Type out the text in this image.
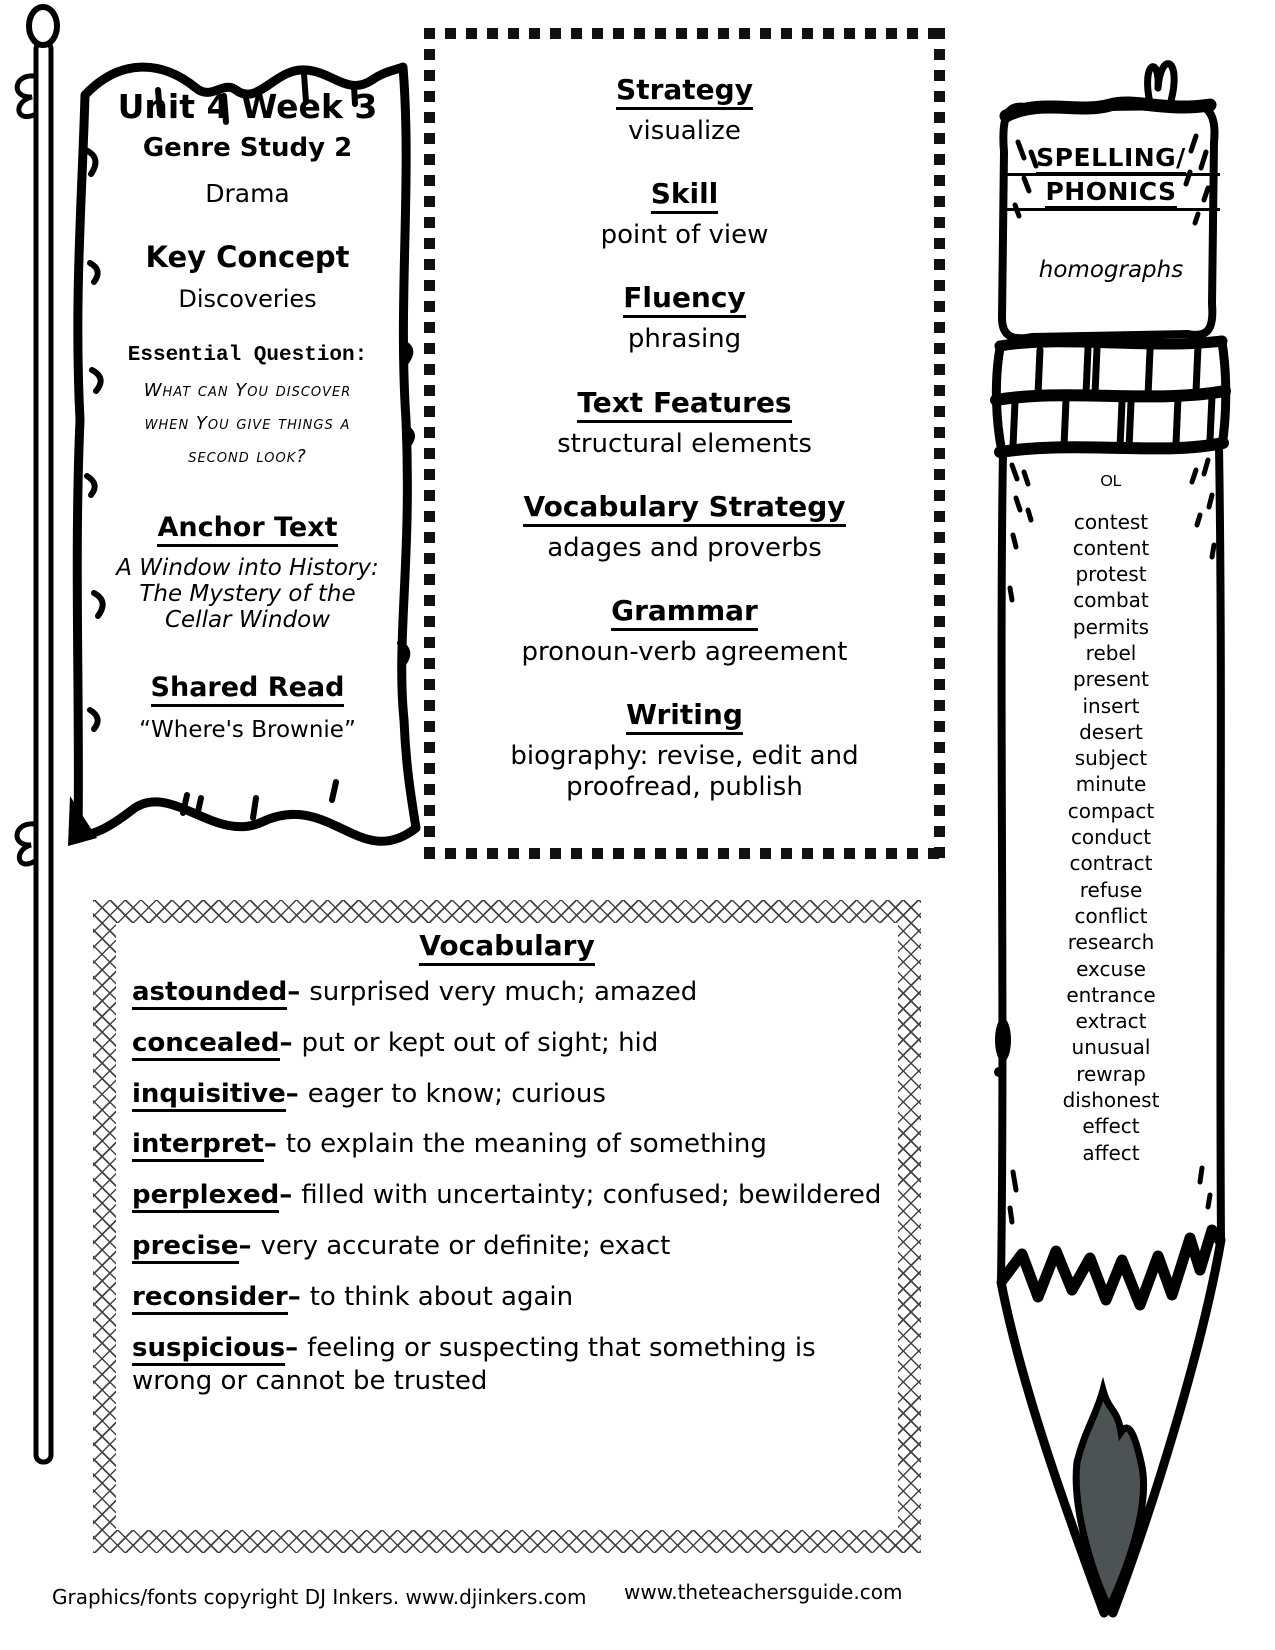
Unit 4 Week 3
Genre Study 2
Drama
Key Concept
Discoveries
Essential Question:
What can You discover
when You give things a
second look?
Anchor Text
A Window into History:
The Mystery of the
Cellar Window
Shared Read
“Where's Brownie”
Strategy
visualize
Skill
point of view
Fluency
phrasing
Text Features
structural elements
Vocabulary Strategy
adages and proverbs
Grammar
pronoun-verb agreement
Writing
biography: revise, edit and proofread, publish
SPELLING/
PHONICS
homographs
OL
contest
content
protest
combat
permits
rebel
present
insert
desert
subject
minute
compact
conduct
contract
refuse
conflict
research
excuse
entrance
extract
unusual
rewrap
dishonest
effect
affect
Vocabulary

astounded– surprised very much; amazed

concealed– put or kept out of sight; hid

inquisitive– eager to know; curious

interpret– to explain the meaning of something

perplexed– filled with uncertainty; confused; bewildered

precise– very accurate or definite; exact

reconsider– to think about again

suspicious– feeling or suspecting that something is wrong or cannot be trusted

Graphics/fonts copyright DJ Inkers. www.djinkers.com www.theteachersguide.com
